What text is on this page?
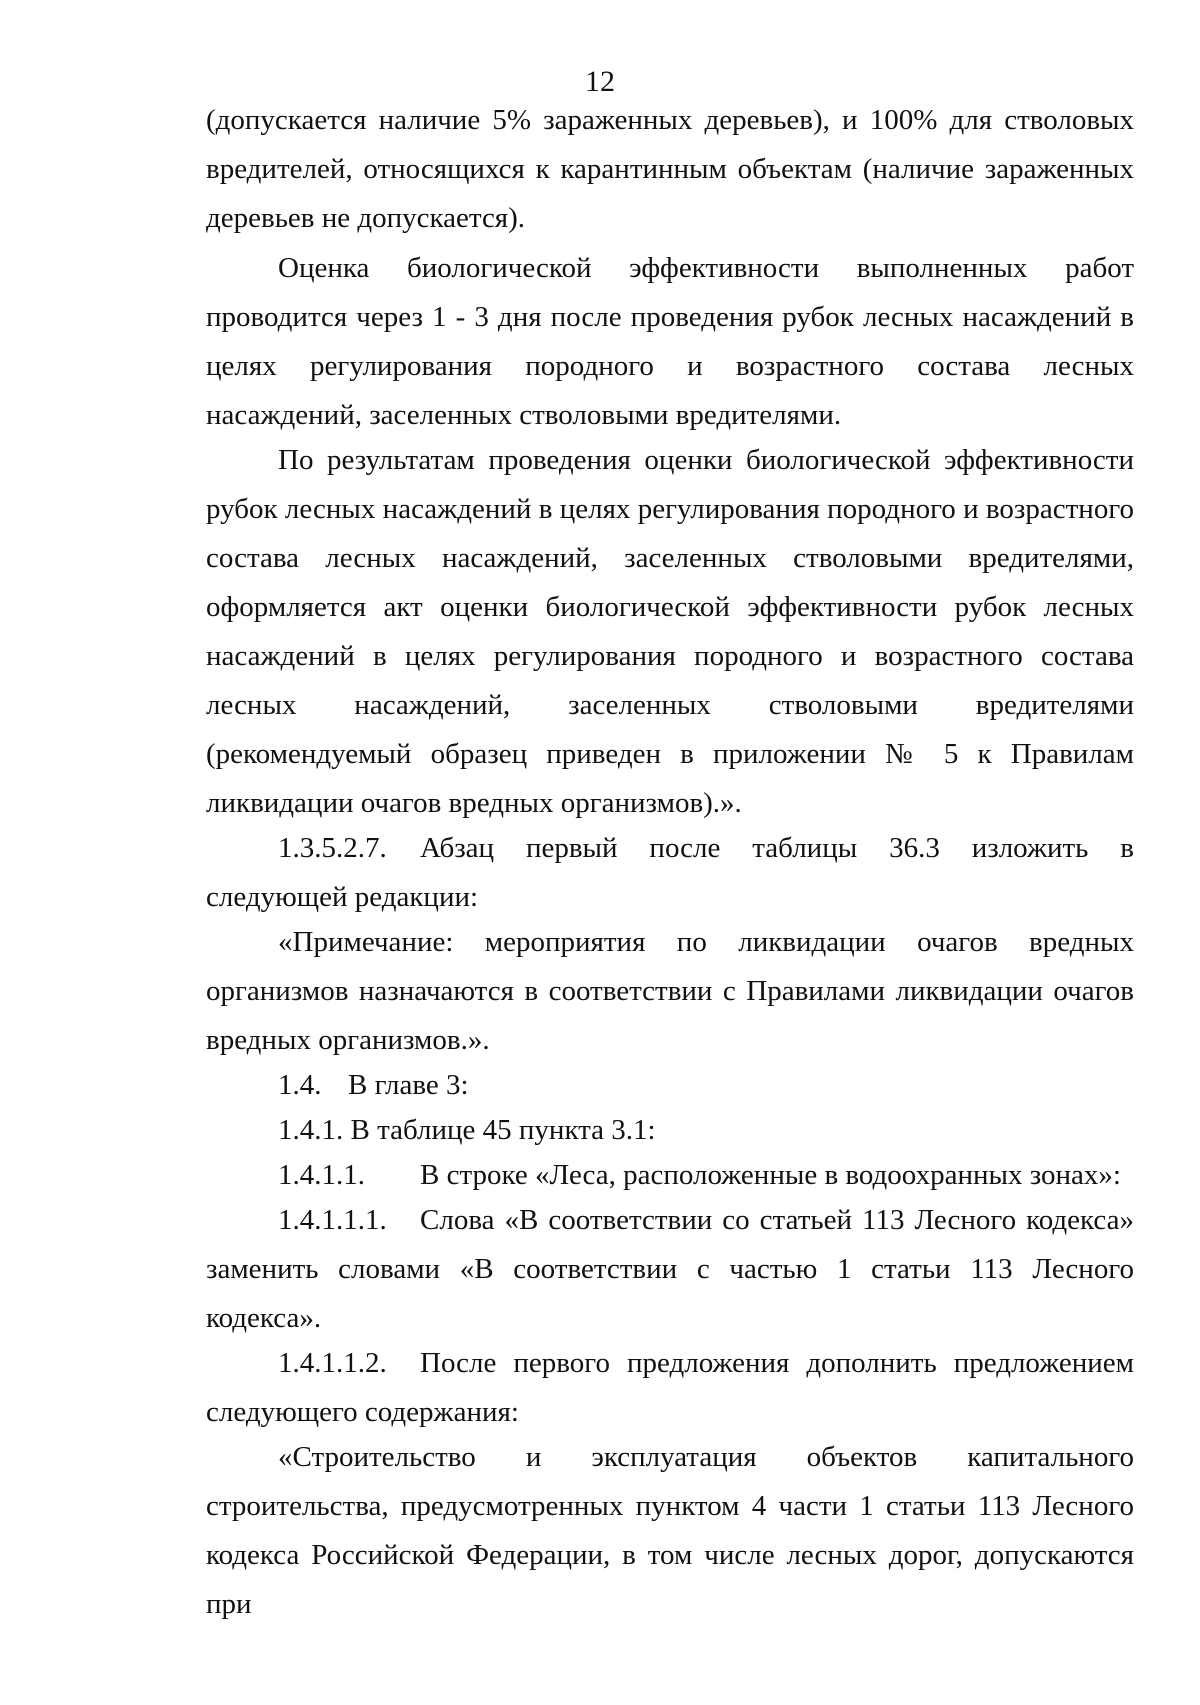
12

(допускается наличие 5% зараженных деревьев), и 100% для стволовых вредителей, относящихся к карантинным объектам (наличие зараженных деревьев не допускается).

Оценка биологической эффективности выполненных работ проводится через 1 - 3 дня после проведения рубок лесных насаждений в целях регулирования породного и возрастного состава лесных насаждений, заселенных стволовыми вредителями.

По результатам проведения оценки биологической эффективности рубок лесных насаждений в целях регулирования породного и возрастного состава лесных насаждений, заселенных стволовыми вредителями, оформляется акт оценки биологической эффективности рубок лесных насаждений в целях регулирования породного и возрастного состава лесных насаждений, заселенных стволовыми вредителями (рекомендуемый образец приведен в приложении № 5 к Правилам ликвидации очагов вредных организмов).».

1.3.5.2.7. Абзац первый после таблицы 36.3 изложить в следующей редакции:

«Примечание: мероприятия по ликвидации очагов вредных организмов назначаются в соответствии с Правилами ликвидации очагов вредных организмов.».

1.4. В главе 3:

1.4.1. В таблице 45 пункта 3.1:

1.4.1.1. В строке «Леса, расположенные в водоохранных зонах»:

1.4.1.1.1. Слова «В соответствии со статьей 113 Лесного кодекса» заменить словами «В соответствии с частью 1 статьи 113 Лесного кодекса».

1.4.1.1.2. После первого предложения дополнить предложением следующего содержания:

«Строительство и эксплуатация объектов капитального строительства, предусмотренных пунктом 4 части 1 статьи 113 Лесного кодекса Российской Федерации, в том числе лесных дорог, допускаются при
